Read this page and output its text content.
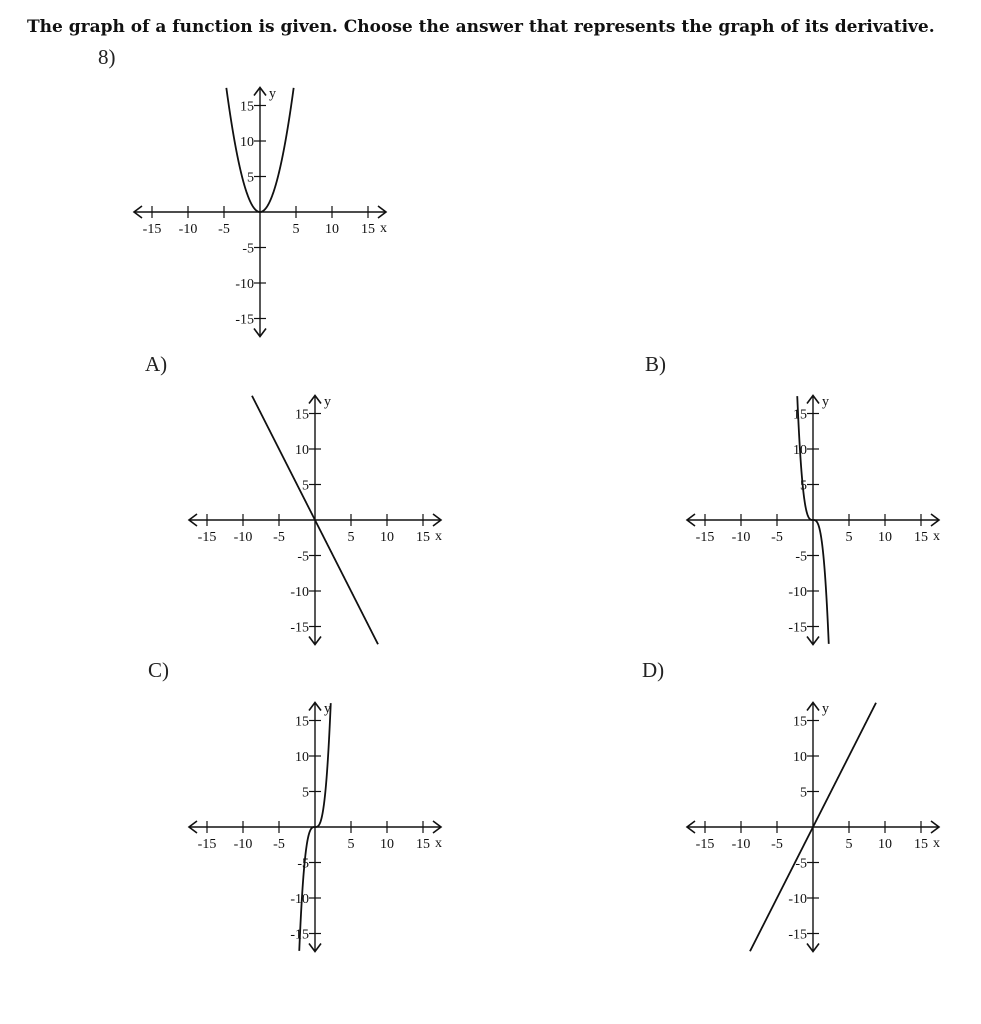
The graph of a function is given. Choose the answer that represents the graph of its derivative.
8)
A)	B)
C)	D)
x
y
-15 -10 -5	5 10 15
15
10
5
-5
-10
-15
x
y
-15 -10 -5	5 10 15
15
10
5
-5
-10
-15
x
y
-15 -10 -5	5 10 15
15
10
5
-5
-10
-15
x
y
-15 -10 -5	5 10 15
15
10
5
-5
-10
-15
x
y
-15 -10 -5	5 10 15
15
10
5
-5
-10
-15
